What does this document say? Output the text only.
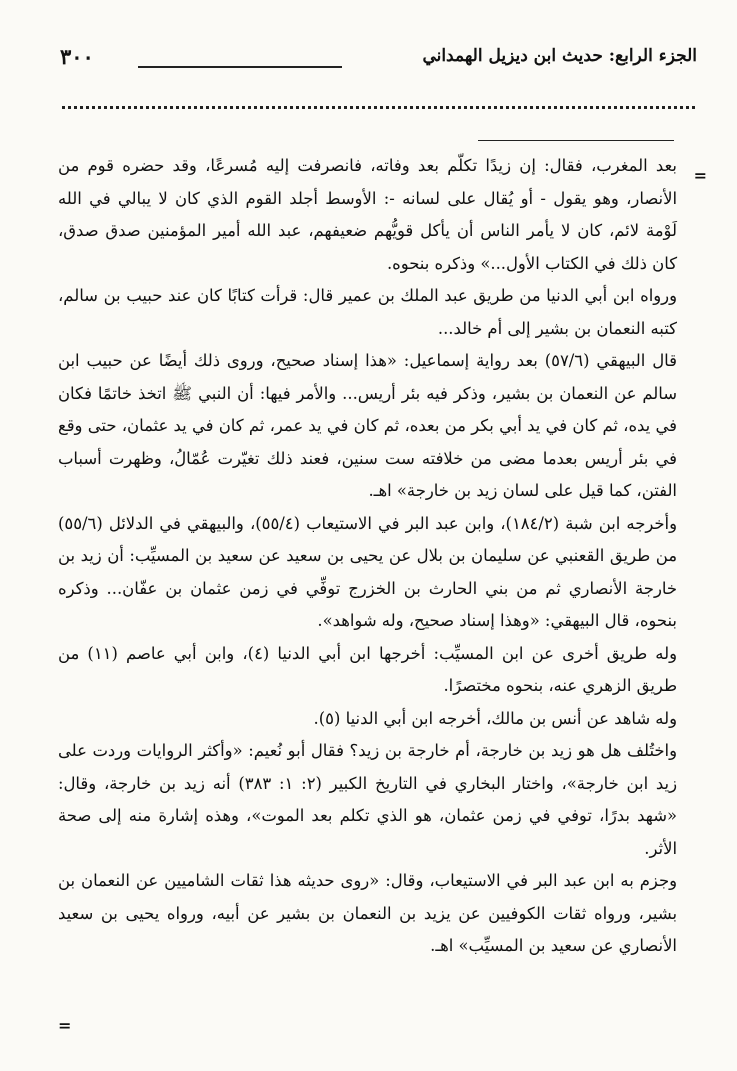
٣٠٠	الجزء الرابع: حديث ابن ديزيل الهمداني
=
=

بعد المغرب، فقال: إن زيدًا تكلّم بعد وفاته، فانصرفت إليه مُسرعًا، وقد حضره قوم من الأنصار، وهو يقول - أو يُقال على لسانه -: الأوسط أجلد القوم الذي كان لا يبالي في الله لَوْمة لائم، كان لا يأمر الناس أن يأكل قويُّهم ضعيفهم، عبد الله أمير المؤمنين صدق صدق، كان ذلك في الكتاب الأول...» وذكره بنحوه.

ورواه ابن أبي الدنيا من طريق عبد الملك بن عمير قال: قرأت كتابًا كان عند حبيب بن سالم، كتبه النعمان بن بشير إلى أم خالد...

قال البيهقي (٥٧/٦) بعد رواية إسماعيل: «هذا إسناد صحيح، وروى ذلك أيضًا عن حبيب ابن سالم عن النعمان بن بشير، وذكر فيه بئر أريس... والأمر فيها: أن النبي ﷺ اتخذ خاتمًا فكان في يده، ثم كان في يد أبي بكر من بعده، ثم كان في يد عمر، ثم كان في يد عثمان، حتى وقع في بئر أريس بعدما مضى من خلافته ست سنين، فعند ذلك تغيّرت عُمّالُ، وظهرت أسباب الفتن، كما قيل على لسان زيد بن خارجة» اهـ.

وأخرجه ابن شبة (١٨٤/٢)، وابن عبد البر في الاستيعاب (٥٥/٤)، والبيهقي في الدلائل (٥٥/٦) من طريق القعنبي عن سليمان بن بلال عن يحيى بن سعيد عن سعيد بن المسيِّب: أن زيد بن خارجة الأنصاري ثم من بني الحارث بن الخزرج توفِّي في زمن عثمان بن عفّان... وذكره بنحوه، قال البيهقي: «وهذا إسناد صحيح، وله شواهد».

وله طريق أخرى عن ابن المسيِّب: أخرجها ابن أبي الدنيا (٤)، وابن أبي عاصم (١١) من طريق الزهري عنه، بنحوه مختصرًا.

وله شاهد عن أنس بن مالك، أخرجه ابن أبي الدنيا (٥).

واختُلف هل هو زيد بن خارجة، أم خارجة بن زيد؟ فقال أبو نُعيم: «وأكثر الروايات وردت على زيد ابن خارجة»، واختار البخاري في التاريخ الكبير (٢: ١: ٣٨٣) أنه زيد بن خارجة، وقال: «شهد بدرًا، توفي في زمن عثمان، هو الذي تكلم بعد الموت»، وهذه إشارة منه إلى صحة الأثر.

وجزم به ابن عبد البر في الاستيعاب، وقال: «روى حديثه هذا ثقات الشاميين عن النعمان بن بشير، ورواه ثقات الكوفيين عن يزيد بن النعمان بن بشير عن أبيه، ورواه يحيى بن سعيد الأنصاري عن سعيد بن المسيِّب» اهـ.
